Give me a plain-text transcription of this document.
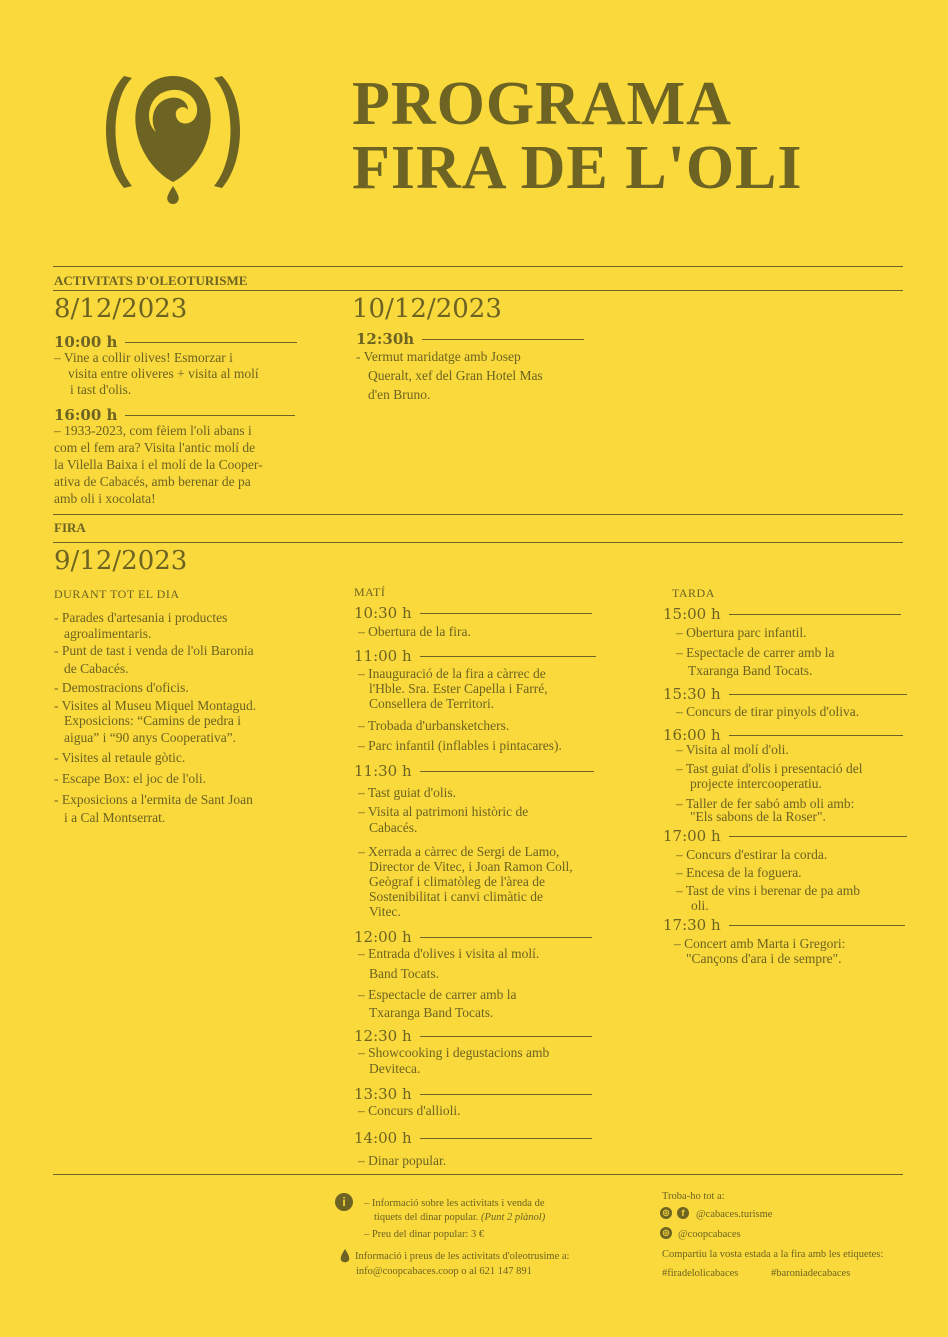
PROGRAMA
FIRA DE L'OLI
ACTIVITATS D'OLEOTURISME
8/12/2023	10/12/2023
10:00 h
– Vine a collir olives! Esmorzar i
visita entre oliveres + visita al molí
i tast d'olis.
16:00 h
– 1933-2023, com fèiem l'oli abans i
com el fem ara? Visita l'antic molí de
la Vilella Baixa i el molí de la Cooper-
ativa de Cabacés, amb berenar de pa
amb oli i xocolata!
12:30h
- Vermut maridatge amb Josep
Queralt, xef del Gran Hotel Mas
d'en Bruno.
FIRA
9/12/2023
DURANT TOT EL DIA
- Parades d'artesania i productes
agroalimentaris.
- Punt de tast i venda de l'oli Baronia
de Cabacés.
- Demostracions d'oficis.
- Visites al Museu Miquel Montagud.
Exposicions: “Camins de pedra i
aigua” i “90 anys Cooperativa”.
- Visites al retaule gòtic.
- Escape Box: el joc de l'oli.
- Exposicions a l'ermita de Sant Joan
i a Cal Montserrat.
MATÍ
10:30 h
– Obertura de la fira.
11:00 h
– Inauguració de la fira a càrrec de
l'Hble. Sra. Ester Capella i Farré,
Consellera de Territori.
– Trobada d'urbansketchers.
– Parc infantil (inflables i pintacares).
11:30 h
– Tast guiat d'olis.
– Visita al patrimoni històric de
Cabacés.
– Xerrada a càrrec de Sergi de Lamo,
Director de Vitec, i Joan Ramon Coll,
Geògraf i climatòleg de l'àrea de
Sostenibilitat i canvi climàtic de
Vitec.
12:00 h
– Entrada d'olives i visita al molí.
Band Tocats.
– Espectacle de carrer amb la
Txaranga Band Tocats.
12:30 h
– Showcooking i degustacions amb
Deviteca.
13:30 h
– Concurs d'allioli.
14:00 h
– Dinar popular.
TARDA
15:00 h
– Obertura parc infantil.
– Espectacle de carrer amb la
Txaranga Band Tocats.
15:30 h
– Concurs de tirar pinyols d'oliva.
16:00 h
– Visita al molí d'oli.
– Tast guiat d'olis i presentació del
projecte intercooperatiu.
– Taller de fer sabó amb oli amb:
"Els sabons de la Roser".
17:00 h
– Concurs d'estirar la corda.
– Encesa de la foguera.
– Tast de vins i berenar de pa amb
oli.
17:30 h
– Concert amb Marta i Gregori:
"Cançons d'ara i de sempre".
i	– Informació sobre les activitats i venda de
tiquets del dinar popular. (Punt 2 plànol)
– Preu del dinar popular: 3 €
Informació i preus de les activitats d'oleotrusime a:
info@coopcabaces.coop o al 621 147 891
Troba-ho tot a:
◎	f	@cabaces.turisme
◎ @coopcabaces
Compartiu la vosta estada a la fira amb les etiquetes:
#firadelolicabaces	#baroniadecabaces
